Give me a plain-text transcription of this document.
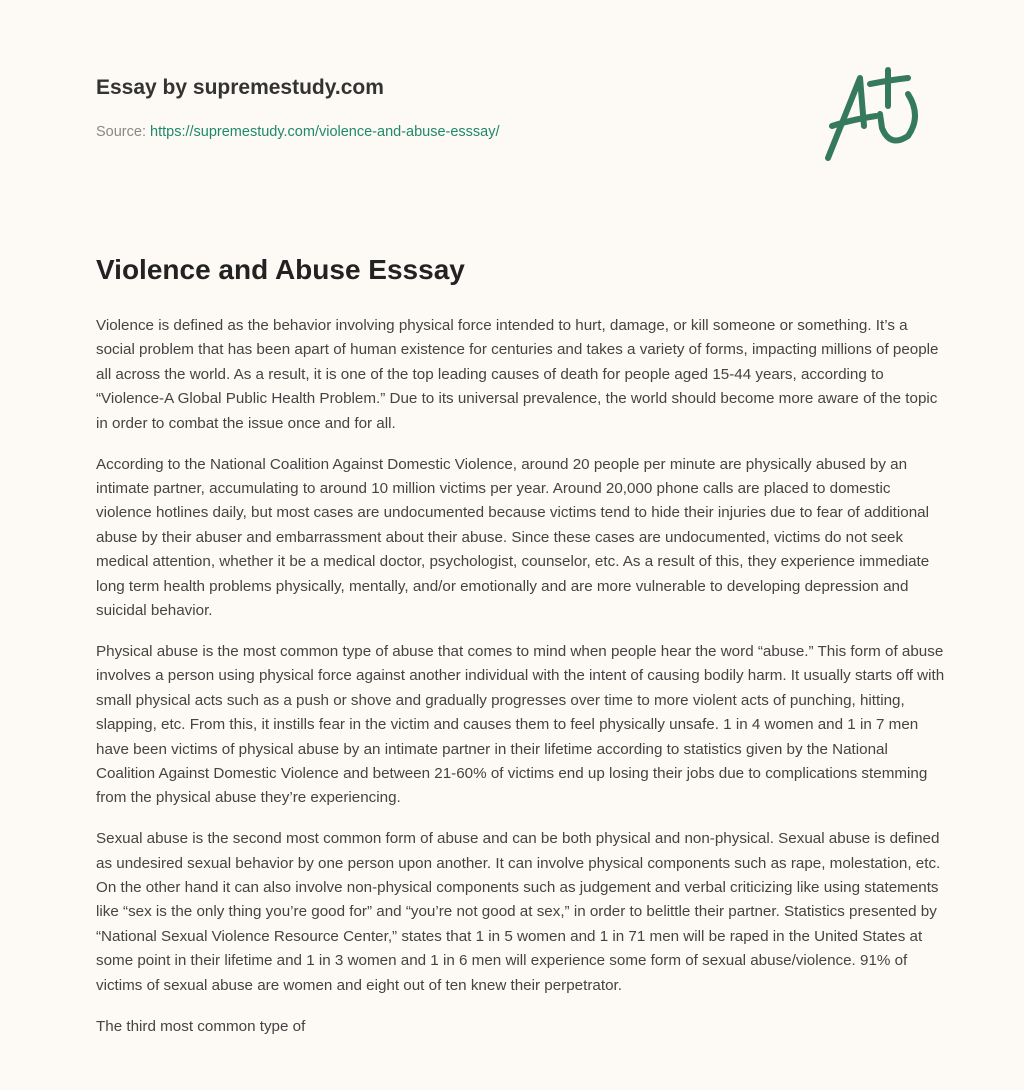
Essay by supremestudy.com
Source: https://supremestudy.com/violence-and-abuse-esssay/
Violence and Abuse Esssay

Violence is defined as the behavior involving physical force intended to hurt, damage, or kill someone or something. It’s a social problem that has been apart of human existence for centuries and takes a variety of forms, impacting millions of people all across the world. As a result, it is one of the top leading causes of death for people aged 15-44 years, according to “Violence-A Global Public Health Problem.” Due to its universal prevalence, the world should become more aware of the topic in order to combat the issue once and for all.

According to the National Coalition Against Domestic Violence, around 20 people per minute are physically abused by an intimate partner, accumulating to around 10 million victims per year. Around 20,000 phone calls are placed to domestic violence hotlines daily, but most cases are undocumented because victims tend to hide their injuries due to fear of additional abuse by their abuser and embarrassment about their abuse. Since these cases are undocumented, victims do not seek medical attention, whether it be a medical doctor, psychologist, counselor, etc. As a result of this, they experience immediate long term health problems physically, mentally, and/or emotionally and are more vulnerable to developing depression and suicidal behavior.

Physical abuse is the most common type of abuse that comes to mind when people hear the word “abuse.” This form of abuse involves a person using physical force against another individual with the intent of causing bodily harm. It usually starts off with small physical acts such as a push or shove and gradually progresses over time to more violent acts of punching, hitting, slapping, etc. From this, it instills fear in the victim and causes them to feel physically unsafe. 1 in 4 women and 1 in 7 men have been victims of physical abuse by an intimate partner in their lifetime according to statistics given by the National Coalition Against Domestic Violence and between 21-60% of victims end up losing their jobs due to complications stemming from the physical abuse they’re experiencing.

Sexual abuse is the second most common form of abuse and can be both physical and non-physical. Sexual abuse is defined as undesired sexual behavior by one person upon another. It can involve physical components such as rape, molestation, etc. On the other hand it can also involve non-physical components such as judgement and verbal criticizing like using statements like “sex is the only thing you’re good for” and “you’re not good at sex,” in order to belittle their partner. Statistics presented by “National Sexual Violence Resource Center,” states that 1 in 5 women and 1 in 71 men will be raped in the United States at some point in their lifetime and 1 in 3 women and 1 in 6 men will experience some form of sexual abuse/violence. 91% of victims of sexual abuse are women and eight out of ten knew their perpetrator.

The third most common type of
